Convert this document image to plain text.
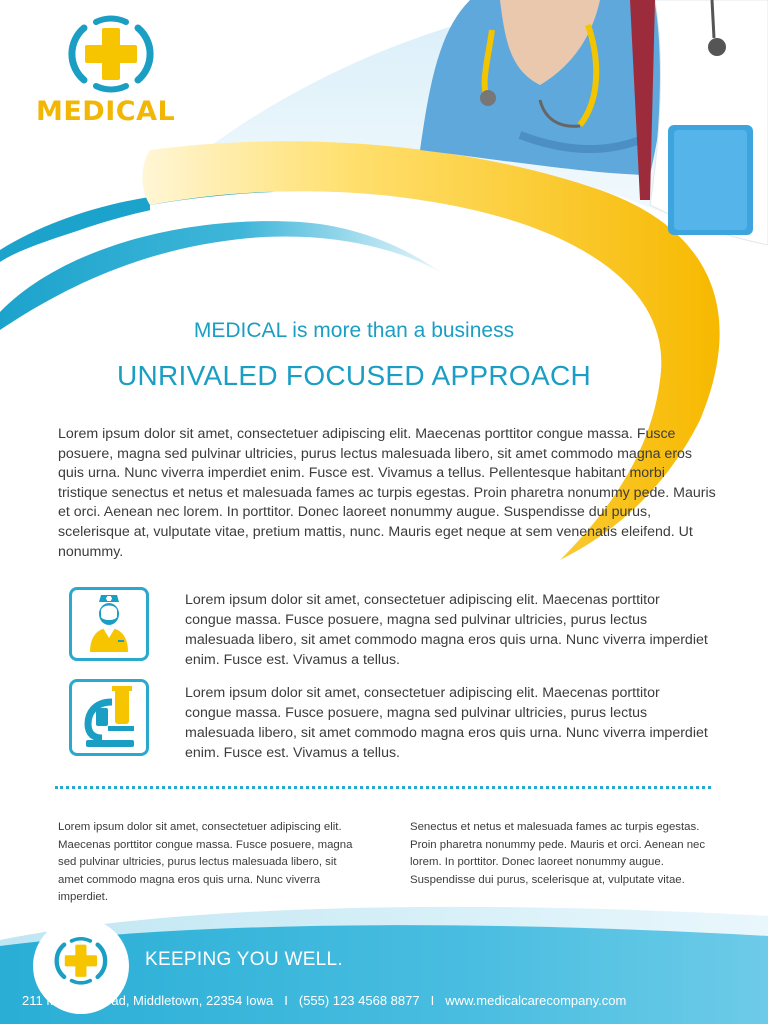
MEDICAL
MEDICAL is more than a business
UNRIVALED FOCUSED APPROACH
Lorem ipsum dolor sit amet, consectetuer adipiscing elit. Maecenas porttitor congue massa. Fusce posuere, magna sed pulvinar ultricies, purus lectus malesuada libero, sit amet commodo magna eros quis urna. Nunc viverra imperdiet enim. Fusce est. Vivamus a tellus. Pellentesque habitant morbi tristique senectus et netus et malesuada fames ac turpis egestas. Proin pharetra nonummy pede. Mauris et orci. Aenean nec lorem. In porttitor. Donec laoreet nonummy augue. Suspendisse dui purus, scelerisque at, vulputate vitae, pretium mattis, nunc. Mauris eget neque at sem venenatis eleifend. Ut nonummy.
Lorem ipsum dolor sit amet, consectetuer adipiscing elit. Maecenas porttitor congue massa. Fusce posuere, magna sed pulvinar ultricies, purus lectus malesuada libero, sit amet commodo magna eros quis urna. Nunc viverra imperdiet enim. Fusce est. Vivamus a tellus.
Lorem ipsum dolor sit amet, consectetuer adipiscing elit. Maecenas porttitor congue massa. Fusce posuere, magna sed pulvinar ultricies, purus lectus malesuada libero, sit amet commodo magna eros quis urna. Nunc viverra imperdiet enim. Fusce est. Vivamus a tellus.
Lorem ipsum dolor sit amet, consectetuer adipiscing elit. Maecenas porttitor congue massa. Fusce posuere, magna sed pulvinar ultricies, purus lectus malesuada libero, sit amet commodo magna eros quis urna. Nunc viverra imperdiet.
Senectus et netus et malesuada fames ac turpis egestas. Proin pharetra nonummy pede. Mauris et orci. Aenean nec lorem. In porttitor. Donec laoreet nonummy augue. Suspendisse dui purus, scelerisque at, vulputate vitae.
KEEPING YOU WELL.
211 Medical Road, Middletown, 22354 Iowa I (555) 123 4568 8877 I www.medicalcarecompany.com
